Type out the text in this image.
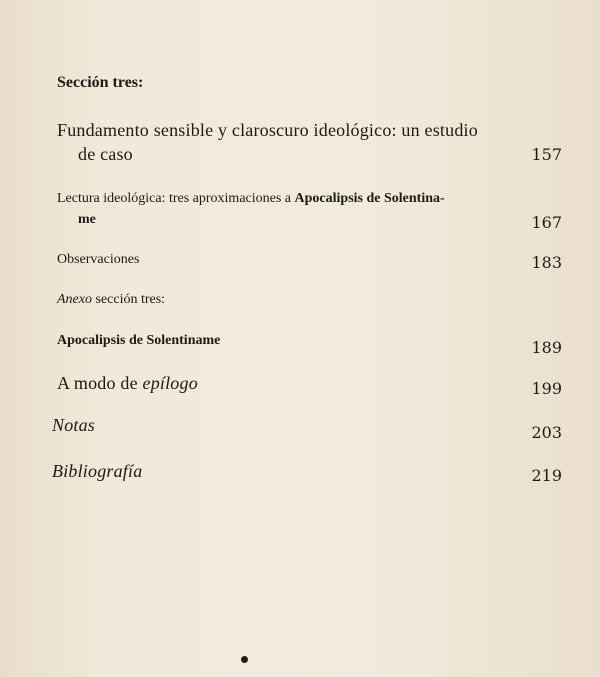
Sección tres:
Fundamento sensible y claroscuro ideológico: un estudio
de caso	157
Lectura ideológica: tres aproximaciones a Apocalipsis de Solentina-
me	167
Observaciones	183
Anexo sección tres:
Apocalipsis de Solentiname	189
A modo de epílogo	199
Notas	203
Bibliografía	219
